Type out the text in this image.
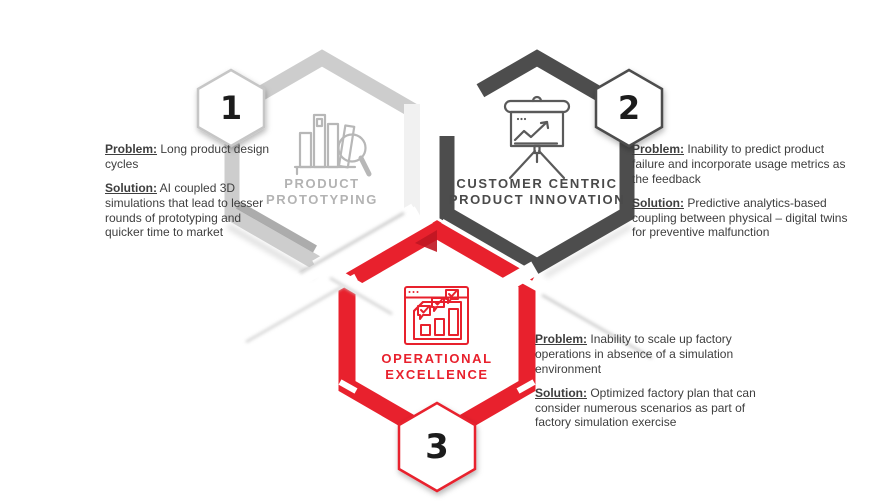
1	2
3
PRODUCT PROTOTYPING
CUSTOMER CENTRIC PRODUCT INNOVATION
OPERATIONAL EXCELLENCE

Problem: Long product design cycles

Solution: AI coupled 3D simulations that lead to lesser rounds of prototyping and quicker time to market

Problem: Inability to predict product failure and incorporate usage metrics as the feedback

Solution: Predictive analytics-based coupling between physical – digital twins for preventive malfunction

Problem: Inability to scale up factory operations in absence of a simulation environment

Solution: Optimized factory plan that can consider numerous scenarios as part of factory simulation exercise
